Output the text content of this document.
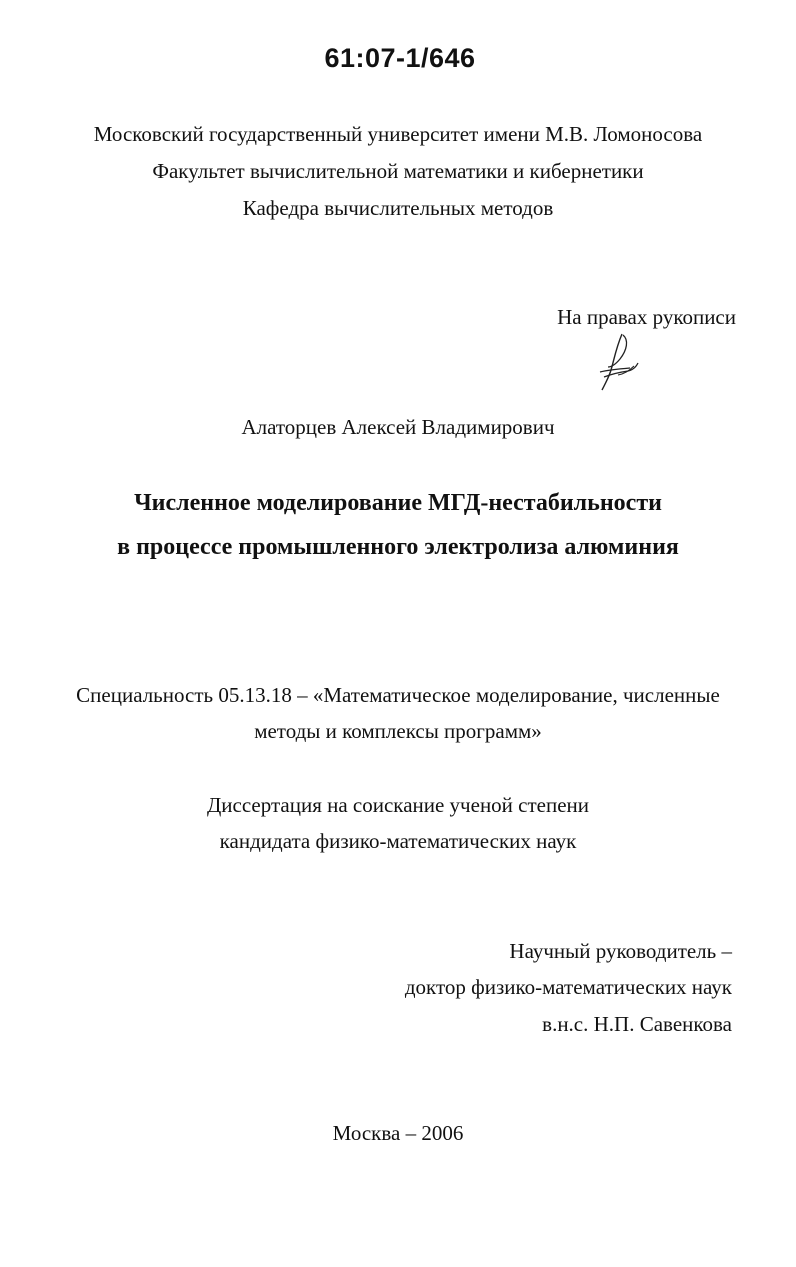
61:07-1/646
Московский государственный университет имени М.В. Ломоносова
Факультет вычислительной математики и кибернетики
Кафедра вычислительных методов
На правах рукописи
Алаторцев Алексей Владимирович
Численное моделирование МГД-нестабильности
в процессе промышленного электролиза алюминия
Специальность 05.13.18 – «Математическое моделирование, численные
методы и комплексы программ»
Диссертация на соискание ученой степени
кандидата физико-математических наук
Научный руководитель –
доктор физико-математических наук
в.н.с. Н.П. Савенкова
Москва – 2006
